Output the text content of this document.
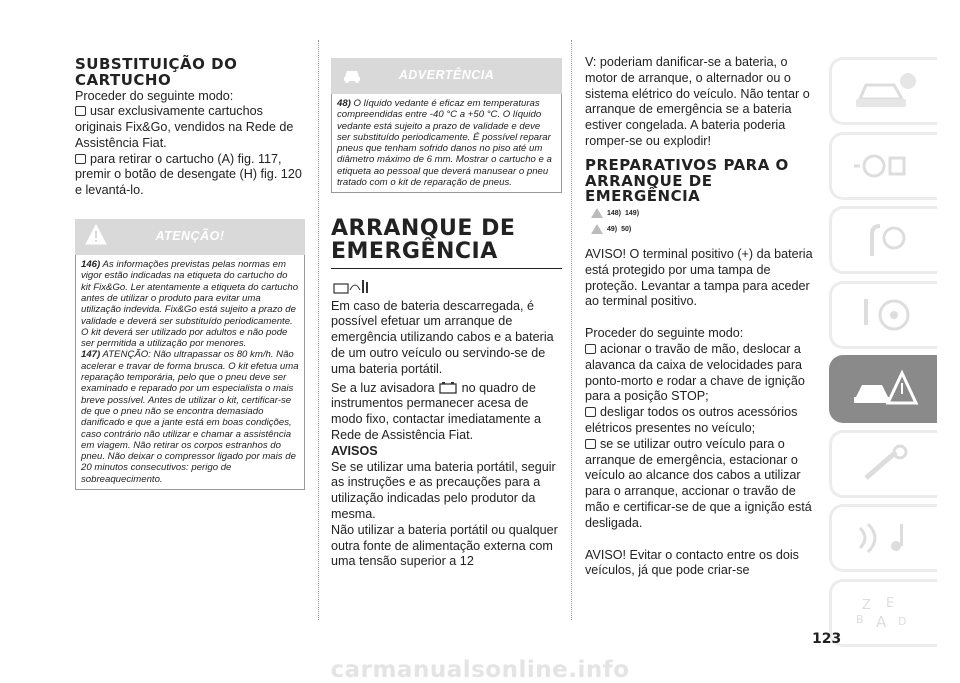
SUBSTITUIÇÃO DO CARTUCHO

Proceder do seguinte modo:

usar exclusivamente cartuchos originais Fix&Go, vendidos na Rede de Assistência Fiat.

para retirar o cartucho (A) fig. 117, premir o botão de desengate (H) fig. 120 e levantá-lo.

ATENÇÃO!

146) As informações previstas pelas normas em vigor estão indicadas na etiqueta do cartucho do kit Fix&Go. Ler atentamente a etiqueta do cartucho antes de utilizar o produto para evitar uma utilização indevida. Fix&Go está sujeito a prazo de validade e deverá ser substituído periodicamente. O kit deverá ser utilizado por adultos e não pode ser permitida a utilização por menores.

147) ATENÇÃO: Não ultrapassar os 80 km/h. Não acelerar e travar de forma brusca. O kit efetua uma reparação temporária, pelo que o pneu deve ser examinado e reparado por um especialista o mais breve possível. Antes de utilizar o kit, certificar-se de que o pneu não se encontra demasiado danificado e que a jante está em boas condições, caso contrário não utilizar e chamar a assistência em viagem. Não retirar os corpos estranhos do pneu. Não deixar o compressor ligado por mais de 20 minutos consecutivos: perigo de sobreaquecimento.

ADVERTÊNCIA

48) O líquido vedante é eficaz em temperaturas compreendidas entre -40 °C a +50 °C. O líquido vedante está sujeito a prazo de validade e deve ser substituído periodicamente. É possível reparar pneus que tenham sofrido danos no piso até um diâmetro máximo de 6 mm. Mostrar o cartucho e a etiqueta ao pessoal que deverá manusear o pneu tratado com o kit de reparação de pneus.

ARRANQUE DE EMERGÊNCIA

Em caso de bateria descarregada, é possível efetuar um arranque de emergência utilizando cabos e a bateria de um outro veículo ou servindo-se de uma bateria portátil.

Se a luz avisadora no quadro de instrumentos permanecer acesa de modo fixo, contactar imediatamente a Rede de Assistência Fiat.

AVISOS

Se se utilizar uma bateria portátil, seguir as instruções e as precauções para a utilização indicadas pelo produtor da mesma.

Não utilizar a bateria portátil ou qualquer outra fonte de alimentação externa com uma tensão superior a 12

V: poderiam danificar-se a bateria, o motor de arranque, o alternador ou o sistema elétrico do veículo. Não tentar o arranque de emergência se a bateria estiver congelada. A bateria poderia romper-se ou explodir!

PREPARATIVOS PARA O ARRANQUE DE EMERGÊNCIA
148) 149)
49) 50)

AVISO! O terminal positivo (+) da bateria está protegido por uma tampa de proteção. Levantar a tampa para aceder ao terminal positivo.

Proceder do seguinte modo:

acionar o travão de mão, deslocar a alavanca da caixa de velocidades para ponto-morto e rodar a chave de ignição para a posição STOP;

desligar todos os outros acessórios elétricos presentes no veículo;

se se utilizar outro veículo para o arranque de emergência, estacionar o veículo ao alcance dos cabos a utilizar para o arranque, accionar o travão de mão e certificar-se de que a ignição está desligada.

AVISO! Evitar o contacto entre os dois veículos, já que pode criar-se

Z E
B A D
123
carmanualsonline.info
